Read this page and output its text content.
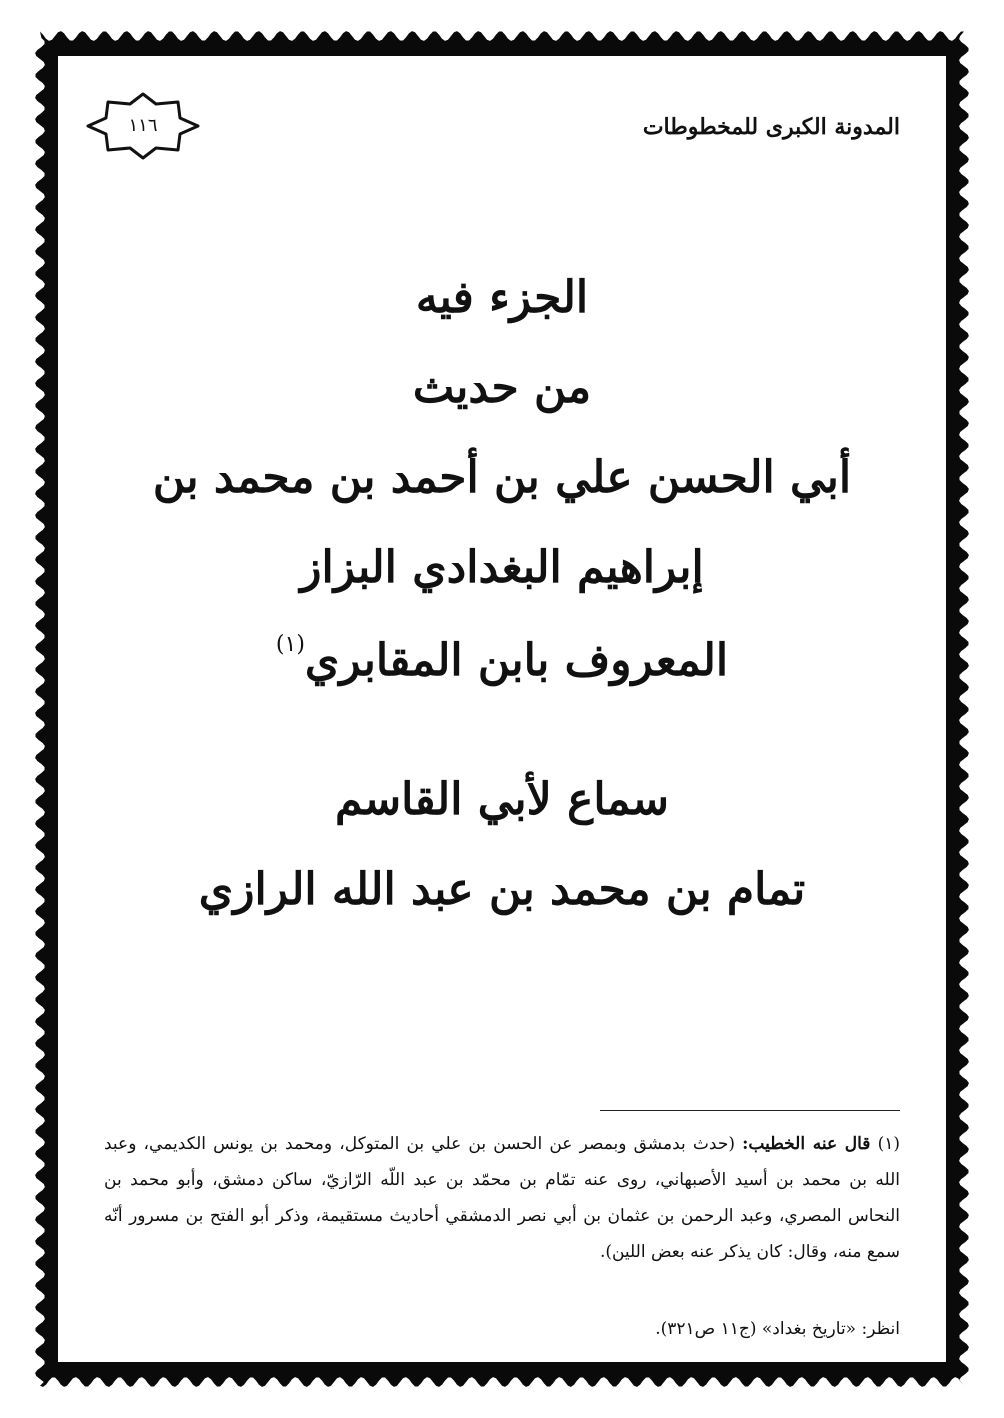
المدونة الكبرى للمخطوطات
١١٦
الجزء فيه
من حديث
أبي الحسن علي بن أحمد بن محمد بن
إبراهيم البغدادي البزاز
المعروف بابن المقابري$^{(١)}$
سماع لأبي القاسم
تمام بن محمد بن عبد الله الرازي
(١) قال عنه الخطيب: (حدث بدمشق وبمصر عن الحسن بن علي بن المتوكل، ومحمد بن يونس الكديمي، وعبد الله بن محمد بن أسيد الأصبهاني، روى عنه تمّام بن محمّد بن عبد اللّه الرّازيّ، ساكن دمشق، وأبو محمد بن النحاس المصري، وعبد الرحمن بن عثمان بن أبي نصر الدمشقي أحاديث مستقيمة، وذكر أبو الفتح بن مسرور أنّه سمع منه، وقال: كان يذكر عنه بعض اللين).
انظر: «تاريخ بغداد» (ج١١ ص٣٢١).
